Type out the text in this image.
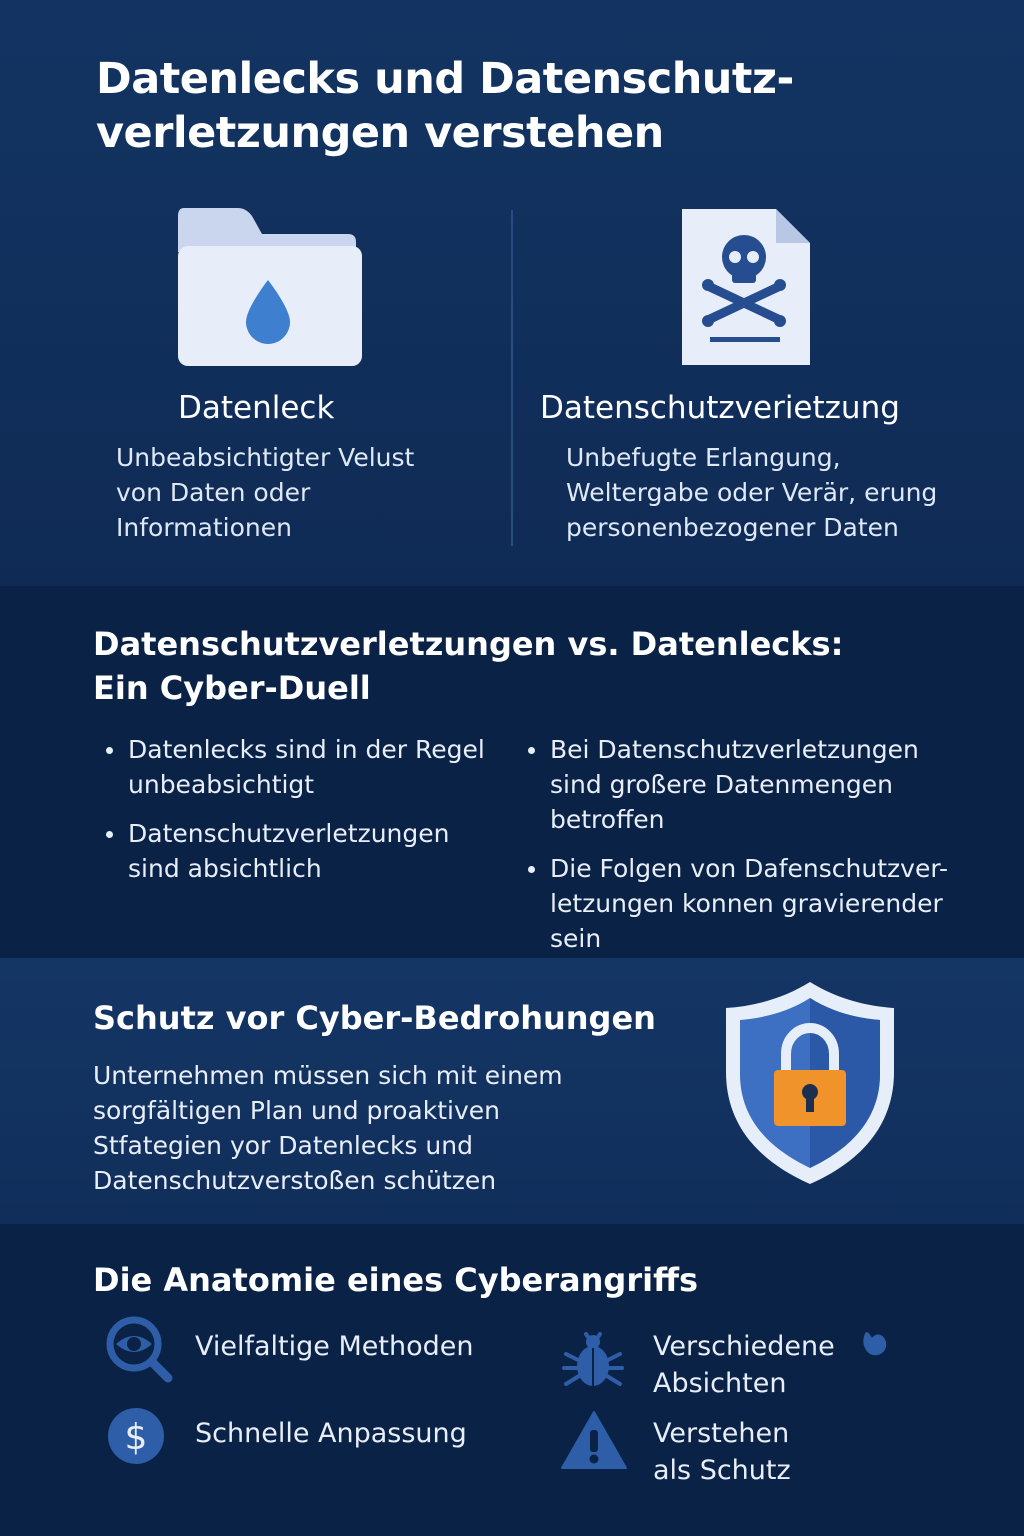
Datenlecks und Datenschutz-
verletzungen verstehen
Datenleck
Unbeabsichtigter Velust
von Daten oder
Informationen
Datenschutzverietzung
Unbefugte Erlangung,
Weltergabe oder Verär, erung
personenbezogener Daten
Datenschutzverletzungen vs. Datenlecks:
Ein Cyber-Duell
Datenlecks sind in der Regel
unbeabsichtigt
Datenschutzverletzungen
sind absichtlich
Bei Datenschutzverletzungen
sind großere Datenmengen
betroffen
Die Folgen von Dafenschutzver-
letzungen konnen gravierender
sein
Schutz vor Cyber-Bedrohungen
Unternehmen müssen sich mit einem
sorgfältigen Plan und proaktiven
Stfategien yor Datenlecks und
Datenschutzverstoßen schützen
Die Anatomie eines Cyberangriffs
Vielfaltige Methoden	Verschiedene
Absichten
$ Schnelle Anpassung	Verstehen
als Schutz
